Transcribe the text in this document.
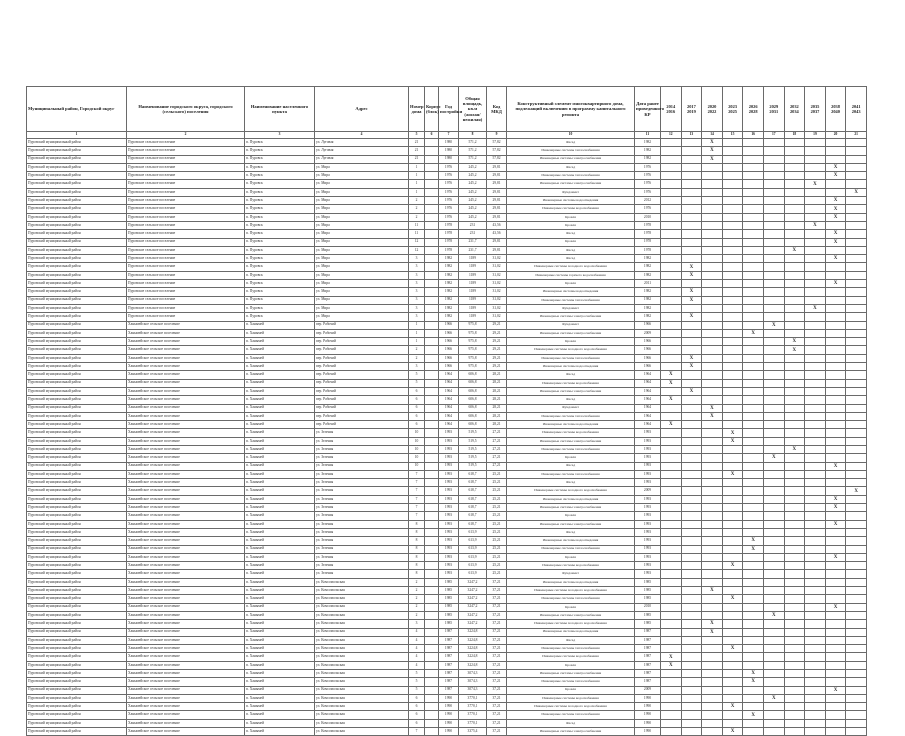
Муниципальный район, Городской округ	Наименование городского округа, городского (сельского) поселения	Наименование населенного пункта	Адрес	Номер дома	Корпус (блок)	Год постройки	Общая площадь, кв.м (жилая/нежилая)	Код МКД	Конструктивный элемент многоквартирного дома, подлежащий включению в программу капитального ремонта	Дата ранее проведенного КР	2014 2016	2017 2019	2020 2022	2023 2025	2026 2028	2029 2031	2032 2034	2035 2037	2038 2040	2041 2043
1	2	3	4	5	6	7	8	9	10	11	12	13	14	15	16	17	18	19	20	21
Пуровский муниципальный район	Пуровское сельское поселение	п. Пуровск	ул. Луговая	21		1980	571,2	57,82	Фасад	1982			X							
Пуровский муниципальный район	Пуровское сельское поселение	п. Пуровск	ул. Луговая	21		1980	571,2	57,82	Инженерные системы теплоснабжения	1982			X							
Пуровский муниципальный район	Пуровское сельское поселение	п. Пуровск	ул. Луговая	21		1980	571,2	57,82	Инженерные системы электроснабжения	1982			X							
Пуровский муниципальный район	Пуровское сельское поселение	п. Пуровск	ул. Мира	1		1976	245,2	29,81	Фасад	1976									X	
Пуровский муниципальный район	Пуровское сельское поселение	п. Пуровск	ул. Мира	1		1976	245,2	29,81	Инженерные системы теплоснабжения	1976									X	
Пуровский муниципальный район	Пуровское сельское поселение	п. Пуровск	ул. Мира	1		1976	245,2	29,81	Инженерные системы электроснабжения	1976								X		
Пуровский муниципальный район	Пуровское сельское поселение	п. Пуровск	ул. Мира	1		1976	245,2	29,81	Фундамент	1976										X
Пуровский муниципальный район	Пуровское сельское поселение	п. Пуровск	ул. Мира	2		1976	245,2	29,81	Инженерные системы водоотведения	2012									X	
Пуровский муниципальный район	Пуровское сельское поселение	п. Пуровск	ул. Мира	2		1976	245,2	29,81	Инженерные системы водоснабжения	1976									X	
Пуровский муниципальный район	Пуровское сельское поселение	п. Пуровск	ул. Мира	2		1976	245,2	29,81	Кровля	2010									X	
Пуровский муниципальный район	Пуровское сельское поселение	п. Пуровск	ул. Мира	11		1978	231	43,56	Кровля	1978								X		
Пуровский муниципальный район	Пуровское сельское поселение	п. Пуровск	ул. Мира	11		1978	231	43,56	Фасад	1978									X	
Пуровский муниципальный район	Пуровское сельское поселение	п. Пуровск	ул. Мира	12		1978	231,7	29,81	Кровля	1978									X	
Пуровский муниципальный район	Пуровское сельское поселение	п. Пуровск	ул. Мира	12		1978	231,7	29,81	Фасад	1978							X			
Пуровский муниципальный район	Пуровское сельское поселение	п. Пуровск	ул. Мира	3		1982	1189	31,02	Фасад	1982									X	
Пуровский муниципальный район	Пуровское сельское поселение	п. Пуровск	ул. Мира	3		1982	1189	31,02	Инженерные системы холодного водоснабжения	1982		X								
Пуровский муниципальный район	Пуровское сельское поселение	п. Пуровск	ул. Мира	3		1982	1189	31,02	Инженерные системы горячего водоснабжения	1982		X								
Пуровский муниципальный район	Пуровское сельское поселение	п. Пуровск	ул. Мира	3		1982	1189	31,02	Кровля	2011									X	
Пуровский муниципальный район	Пуровское сельское поселение	п. Пуровск	ул. Мира	3		1982	1189	31,02	Инженерные системы водоотведения	1982		X								
Пуровский муниципальный район	Пуровское сельское поселение	п. Пуровск	ул. Мира	3		1982	1189	31,02	Инженерные системы теплоснабжения	1982		X								
Пуровский муниципальный район	Пуровское сельское поселение	п. Пуровск	ул. Мира	3		1982	1189	31,02	Фундамент	1982								X		
Пуровский муниципальный район	Пуровское сельское поселение	п. Пуровск	ул. Мира	3		1982	1189	31,02	Инженерные системы электроснабжения	1982		X								
Пуровский муниципальный район	Ханымейское сельское поселение	п. Ханымей	пер. Рабочий	1		1966	975,8	29,21	Фундамент	1966						X				
Пуровский муниципальный район	Ханымейское сельское поселение	п. Ханымей	пер. Рабочий	1		1966	975,8	29,21	Инженерные системы электроснабжения	2009					X					
Пуровский муниципальный район	Ханымейское сельское поселение	п. Ханымей	пер. Рабочий	1		1966	975,8	29,21	Кровля	1966							X			
Пуровский муниципальный район	Ханымейское сельское поселение	п. Ханымей	пер. Рабочий	2		1966	975,8	29,21	Инженерные системы холодного водоснабжения	1966							X			
Пуровский муниципальный район	Ханымейское сельское поселение	п. Ханымей	пер. Рабочий	2		1966	975,8	29,21	Инженерные системы теплоснабжения	1966		X								
Пуровский муниципальный район	Ханымейское сельское поселение	п. Ханымей	пер. Рабочий	3		1966	975,8	29,21	Инженерные системы водоотведения	1966		X								
Пуровский муниципальный район	Ханымейское сельское поселение	п. Ханымей	пер. Рабочий	5		1964	606,8	28,21	Фасад	1964	X									
Пуровский муниципальный район	Ханымейское сельское поселение	п. Ханымей	пер. Рабочий	5		1964	606,8	28,21	Инженерные системы водоснабжения	1964	X									
Пуровский муниципальный район	Ханымейское сельское поселение	п. Ханымей	пер. Рабочий	6		1964	606,8	28,21	Инженерные системы электроснабжения	1964		X								
Пуровский муниципальный район	Ханымейское сельское поселение	п. Ханымей	пер. Рабочий	6		1964	606,8	28,21	Фасад	1964	X									
Пуровский муниципальный район	Ханымейское сельское поселение	п. Ханымей	пер. Рабочий	6		1964	606,8	28,21	Фундамент	1964			X							
Пуровский муниципальный район	Ханымейское сельское поселение	п. Ханымей	пер. Рабочий	6		1964	606,8	28,21	Инженерные системы теплоснабжения	1964			X							
Пуровский муниципальный район	Ханымейское сельское поселение	п. Ханымей	пер. Рабочий	6		1964	606,8	28,21	Инженерные системы водоотведения	1964	X									
Пуровский муниципальный район	Ханымейское сельское поселение	п. Ханымей	ул. Зеленая	10		1993	519,5	27,21	Инженерные системы водоснабжения	1993				X						
Пуровский муниципальный район	Ханымейское сельское поселение	п. Ханымей	ул. Зеленая	10		1993	519,5	27,21	Инженерные системы электроснабжения	1993				X						
Пуровский муниципальный район	Ханымейское сельское поселение	п. Ханымей	ул. Зеленая	10		1993	519,5	27,21	Инженерные системы теплоснабжения	1993							X			
Пуровский муниципальный район	Ханымейское сельское поселение	п. Ханымей	ул. Зеленая	10		1993	519,5	27,21	Кровля	1993						X				
Пуровский муниципальный район	Ханымейское сельское поселение	п. Ханымей	ул. Зеленая	10		1993	519,5	27,21	Фасад	1993									X	
Пуровский муниципальный район	Ханымейское сельское поселение	п. Ханымей	ул. Зеленая	7		1993	618,7	25,21	Инженерные системы теплоснабжения	1993				X						
Пуровский муниципальный район	Ханымейское сельское поселение	п. Ханымей	ул. Зеленая	7		1993	618,7	25,21	Фасад	1993										
Пуровский муниципальный район	Ханымейское сельское поселение	п. Ханымей	ул. Зеленая	7		1993	618,7	25,21	Инженерные системы холодного водоснабжения	2009										X
Пуровский муниципальный район	Ханымейское сельское поселение	п. Ханымей	ул. Зеленая	7		1993	618,7	25,21	Инженерные системы водоотведения	1993									X	
Пуровский муниципальный район	Ханымейское сельское поселение	п. Ханымей	ул. Зеленая	7		1993	618,7	25,21	Инженерные системы электроснабжения	1993									X	
Пуровский муниципальный район	Ханымейское сельское поселение	п. Ханымей	ул. Зеленая	7		1993	618,7	25,21	Кровля	1993										
Пуровский муниципальный район	Ханымейское сельское поселение	п. Ханымей	ул. Зеленая	8		1993	618,7	25,21	Инженерные системы электроснабжения	1993									X	
Пуровский муниципальный район	Ханымейское сельское поселение	п. Ханымей	ул. Зеленая	8		1993	613,9	25,21	Фасад	1993										
Пуровский муниципальный район	Ханымейское сельское поселение	п. Ханымей	ул. Зеленая	8		1993	613,9	25,21	Инженерные системы водоотведения	1993					X					
Пуровский муниципальный район	Ханымейское сельское поселение	п. Ханымей	ул. Зеленая	8		1993	613,9	25,21	Инженерные системы теплоснабжения	1993					X					
Пуровский муниципальный район	Ханымейское сельское поселение	п. Ханымей	ул. Зеленая	8		1993	613,9	25,21	Кровля	1993									X	
Пуровский муниципальный район	Ханымейское сельское поселение	п. Ханымей	ул. Зеленая	8		1993	613,9	25,21	Инженерные системы водоснабжения	1993				X						
Пуровский муниципальный район	Ханымейское сельское поселение	п. Ханымей	ул. Зеленая	8		1993	613,9	25,21	Фундамент	1993										
Пуровский муниципальный район	Ханымейское сельское поселение	п. Ханымей	ул. Комсомольская	2		1985	3247,2	37,21	Инженерные системы водоотведения	1985										
Пуровский муниципальный район	Ханымейское сельское поселение	п. Ханымей	ул. Комсомольская	2		1985	3247,2	37,21	Инженерные системы холодного водоснабжения	1985			X							
Пуровский муниципальный район	Ханымейское сельское поселение	п. Ханымей	ул. Комсомольская	2		1985	3247,2	37,21	Инженерные системы теплоснабжения	1985				X						
Пуровский муниципальный район	Ханымейское сельское поселение	п. Ханымей	ул. Комсомольская	2		1985	3247,2	37,21	Кровля	2010									X	
Пуровский муниципальный район	Ханымейское сельское поселение	п. Ханымей	ул. Комсомольская	2		1985	3247,2	37,21	Инженерные системы электроснабжения	1985						X				
Пуровский муниципальный район	Ханымейское сельское поселение	п. Ханымей	ул. Комсомольская	3		1985	3247,2	37,21	Инженерные системы холодного водоснабжения	1985			X							
Пуровский муниципальный район	Ханымейское сельское поселение	п. Ханымей	ул. Комсомольская	4		1987	3224,8	37,21	Инженерные системы водоотведения	1987			X							
Пуровский муниципальный район	Ханымейское сельское поселение	п. Ханымей	ул. Комсомольская	4		1987	3224,8	37,21	Фасад	1987										
Пуровский муниципальный район	Ханымейское сельское поселение	п. Ханымей	ул. Комсомольская	4		1987	3224,8	37,21	Инженерные системы теплоснабжения	1987				X						
Пуровский муниципальный район	Ханымейское сельское поселение	п. Ханымей	ул. Комсомольская	4		1987	3224,8	37,21	Инженерные системы водоснабжения	1987	X									
Пуровский муниципальный район	Ханымейское сельское поселение	п. Ханымей	ул. Комсомольская	4		1987	3224,8	37,21	Кровля	1987	X									
Пуровский муниципальный район	Ханымейское сельское поселение	п. Ханымей	ул. Комсомольская	5		1987	3074,3	37,21	Инженерные системы электроснабжения	1987					X					
Пуровский муниципальный район	Ханымейское сельское поселение	п. Ханымей	ул. Комсомольская	5		1987	3074,3	37,21	Инженерные системы теплоснабжения	1987					X					
Пуровский муниципальный район	Ханымейское сельское поселение	п. Ханымей	ул. Комсомольская	5		1987	3074,3	37,21	Кровля	2009									X	
Пуровский муниципальный район	Ханымейское сельское поселение	п. Ханымей	ул. Комсомольская	6		1990	3770,1	37,21	Инженерные системы водоснабжения	1990						X				
Пуровский муниципальный район	Ханымейское сельское поселение	п. Ханымей	ул. Комсомольская	6		1990	3770,1	37,21	Инженерные системы холодного водоснабжения	1990				X						
Пуровский муниципальный район	Ханымейское сельское поселение	п. Ханымей	ул. Комсомольская	6		1990	3770,1	37,21	Инженерные системы теплоснабжения	1990					X					
Пуровский муниципальный район	Ханымейское сельское поселение	п. Ханымей	ул. Комсомольская	6		1990	3770,1	37,21	Фасад	1990										
Пуровский муниципальный район	Ханымейское сельское поселение	п. Ханымей	ул. Комсомольская	7		1990	3375,4	37,21	Инженерные системы электроснабжения	1990				X						
